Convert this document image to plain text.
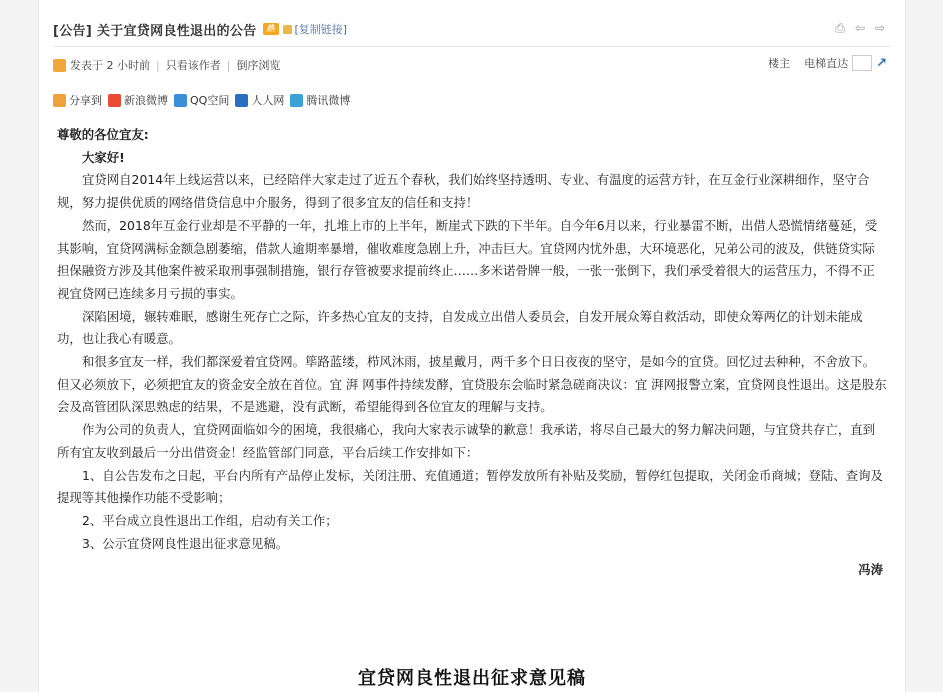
[公告] 关于宜贷网良性退出的公告	热	[复制链接]	⎙ ⇦ ⇨
发表于 2 小时前 | 只看该作者 | 倒序浏览	楼主 电梯直达 ↗
分享到 新浪微博 QQ空间 人人网 腾讯微博

尊敬的各位宜友:

大家好!

宜贷网自2014年上线运营以来，已经陪伴大家走过了近五个春秋，我们始终坚持透明、专业、有温度的运营方针，在互金行业深耕细作，坚守合规，努力提供优质的网络借贷信息中介服务，得到了很多宜友的信任和支持！

然而，2018年互金行业却是不平静的一年，扎堆上市的上半年，断崖式下跌的下半年。自今年6月以来，行业暴雷不断，出借人恐慌情绪蔓延，受其影响，宜贷网满标金额急剧萎缩，借款人逾期率暴增，催收难度急剧上升，冲击巨大。宜贷网内忧外患，大环境恶化，兄弟公司的波及，供链贷实际担保融资方涉及其他案件被采取刑事强制措施，银行存管被要求提前终止……多米诺骨牌一般，一张一张倒下，我们承受着很大的运营压力，不得不正视宜贷网已连续多月亏损的事实。

深陷困境，辗转难眠，感谢生死存亡之际，许多热心宜友的支持，自发成立出借人委员会，自发开展众筹自救活动，即使众筹两亿的计划未能成功，也让我心有暖意。

和很多宜友一样，我们都深爱着宜贷网。筚路蓝缕，栉风沐雨，披星戴月，两千多个日日夜夜的坚守，是如今的宜贷。回忆过去种种，不舍放下。但又必须放下，必须把宜友的资金安全放在首位。宜 湃 网事件持续发酵，宜贷股东会临时紧急磋商决议：宜 湃网报警立案，宜贷网良性退出。这是股东会及高管团队深思熟虑的结果，不是逃避，没有武断，希望能得到各位宜友的理解与支持。

作为公司的负责人，宜贷网面临如今的困境，我很痛心，我向大家表示诚挚的歉意！我承诺，将尽自己最大的努力解决问题，与宜贷共存亡，直到所有宜友收到最后一分出借资金！经监管部门同意，平台后续工作安排如下：

1、自公告发布之日起，平台内所有产品停止发标，关闭注册、充值通道；暂停发放所有补贴及奖励，暂停红包提取，关闭金币商城；登陆、查询及提现等其他操作功能不受影响；

2、平台成立良性退出工作组，启动有关工作；

3、公示宜贷网良性退出征求意见稿。

冯涛

宜贷网良性退出征求意见稿
